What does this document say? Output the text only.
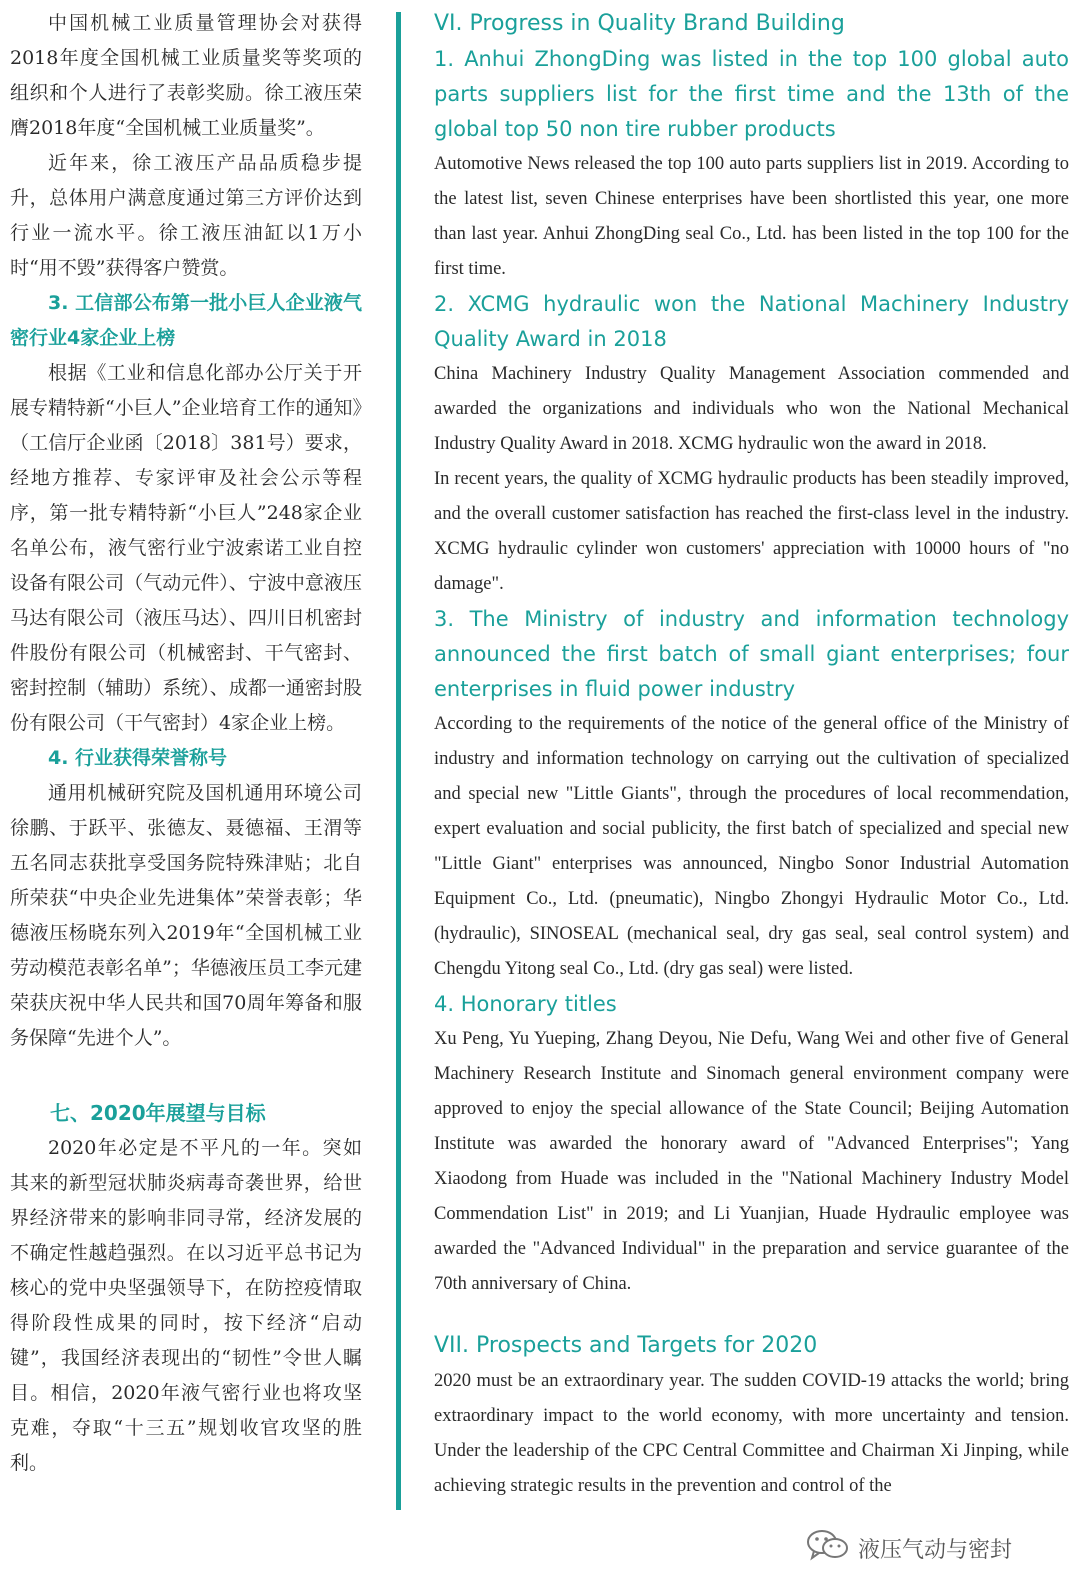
中国机械工业质量管理协会对获得2018年度全国机械工业质量奖等奖项的组织和个人进行了表彰奖励。徐工液压荣膺2018年度“全国机械工业质量奖”。

近年来，徐工液压产品品质稳步提升，总体用户满意度通过第三方评价达到行业一流水平。徐工液压油缸以1万小时“用不毁”获得客户赞赏。

3. 工信部公布第一批小巨人企业液气密行业4家企业上榜

根据《工业和信息化部办公厅关于开展专精特新“小巨人”企业培育工作的通知》（工信厅企业函〔2018〕381号）要求，经地方推荐、专家评审及社会公示等程序，第一批专精特新“小巨人”248家企业名单公布，液气密行业宁波索诺工业自控设备有限公司（气动元件）、宁波中意液压马达有限公司（液压马达）、四川日机密封件股份有限公司（机械密封、干气密封、密封控制（辅助）系统）、成都一通密封股份有限公司（干气密封）4家企业上榜。

4. 行业获得荣誉称号

通用机械研究院及国机通用环境公司徐鹏、于跃平、张德友、聂德福、王渭等五名同志获批享受国务院特殊津贴；北自所荣获“中央企业先进集体”荣誉表彰；华德液压杨晓东列入2019年“全国机械工业劳动模范表彰名单”；华德液压员工李元建荣获庆祝中华人民共和国70周年筹备和服务保障“先进个人”。

七、2020年展望与目标

2020年必定是不平凡的一年。突如其来的新型冠状肺炎病毒奇袭世界，给世界经济带来的影响非同寻常，经济发展的不确定性越趋强烈。在以习近平总书记为核心的党中央坚强领导下，在防控疫情取得阶段性成果的同时，按下经济“启动键”，我国经济表现出的“韧性”令世人瞩目。相信，2020年液气密行业也将攻坚克难，夺取“十三五”规划收官攻坚的胜利。

VI. Progress in Quality Brand Building
1. Anhui ZhongDing was listed in the top 100 global auto parts suppliers list for the first time and the 13th of the global top 50 non tire rubber products

Automotive News released the top 100 auto parts suppliers list in 2019. According to the latest list, seven Chinese enterprises have been shortlisted this year, one more than last year. Anhui ZhongDing seal Co., Ltd. has been listed in the top 100 for the first time.

2. XCMG hydraulic won the National Machinery Industry Quality Award in 2018

China Machinery Industry Quality Management Association commended and awarded the organizations and individuals who won the National Mechanical Industry Quality Award in 2018. XCMG hydraulic won the award in 2018.

In recent years, the quality of XCMG hydraulic products has been steadily improved, and the overall customer satisfaction has reached the first-class level in the industry. XCMG hydraulic cylinder won customers' appreciation with 10000 hours of "no damage".

3. The Ministry of industry and information technology announced the first batch of small giant enterprises; four enterprises in fluid power industry

According to the requirements of the notice of the general office of the Ministry of industry and information technology on carrying out the cultivation of specialized and special new "Little Giants", through the procedures of local recommendation, expert evaluation and social publicity, the first batch of specialized and special new "Little Giant" enterprises was announced, Ningbo Sonor Industrial Automation Equipment Co., Ltd. (pneumatic), Ningbo Zhongyi Hydraulic Motor Co., Ltd. (hydraulic), SINOSEAL (mechanical seal, dry gas seal, seal control system) and Chengdu Yitong seal Co., Ltd. (dry gas seal) were listed.

4. Honorary titles

Xu Peng, Yu Yueping, Zhang Deyou, Nie Defu, Wang Wei and other five of General Machinery Research Institute and Sinomach general environment company were approved to enjoy the special allowance of the State Council; Beijing Automation Institute was awarded the honorary award of "Advanced Enterprises"; Yang Xiaodong from Huade was included in the "National Machinery Industry Model Commendation List" in 2019; and Li Yuanjian, Huade Hydraulic employee was awarded the "Advanced Individual" in the preparation and service guarantee of the 70th anniversary of China.

VII. Prospects and Targets for 2020

2020 must be an extraordinary year. The sudden COVID-19 attacks the world; bring extraordinary impact to the world economy, with more uncertainty and tension. Under the leadership of the CPC Central Committee and Chairman Xi Jinping, while achieving strategic results in the prevention and control of the

液压气动与密封
